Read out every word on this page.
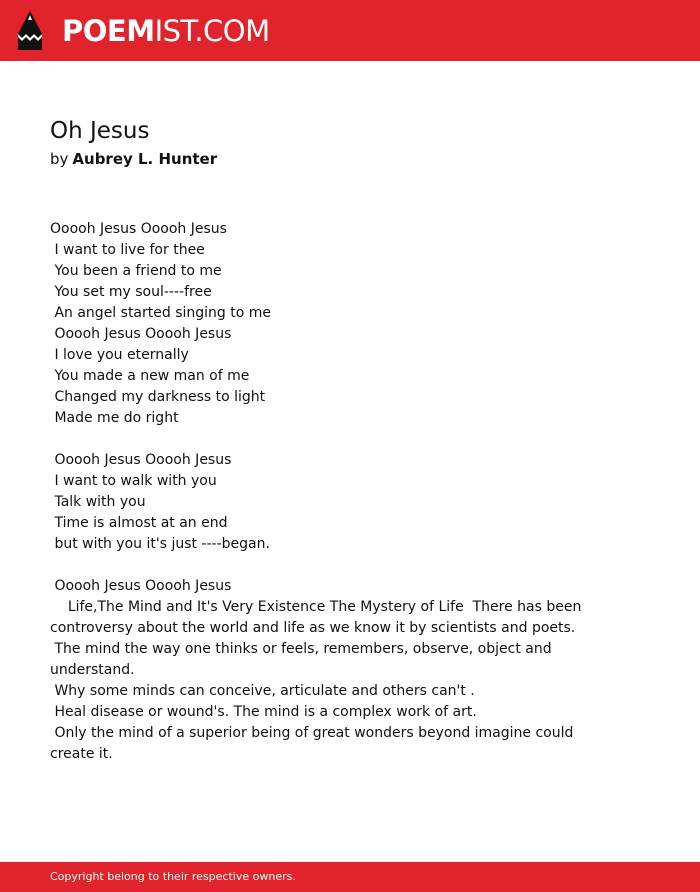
POEMIST.COM
Oh Jesus
by Aubrey L. Hunter
Ooooh Jesus Ooooh Jesus
I want to live for thee
You been a friend to me
You set my soul----free
An angel started singing to me
Ooooh Jesus Ooooh Jesus
I love you eternally
You made a new man of me
Changed my darkness to light
Made me do right
Ooooh Jesus Ooooh Jesus
I want to walk with you
Talk with you
Time is almost at an end
but with you it's just ----began.
Ooooh Jesus Ooooh Jesus
Life,The Mind and It's Very Existence The Mystery of Life  There has been controversy about the world and life as we know it by scientists and poets.
The mind the way one thinks or feels, remembers, observe, object and understand.
Why some minds can conceive, articulate and others can't .
Heal disease or wound's. The mind is a complex work of art.
Only the mind of a superior being of great wonders beyond imagine could create it.
Copyright belong to their respective owners.
